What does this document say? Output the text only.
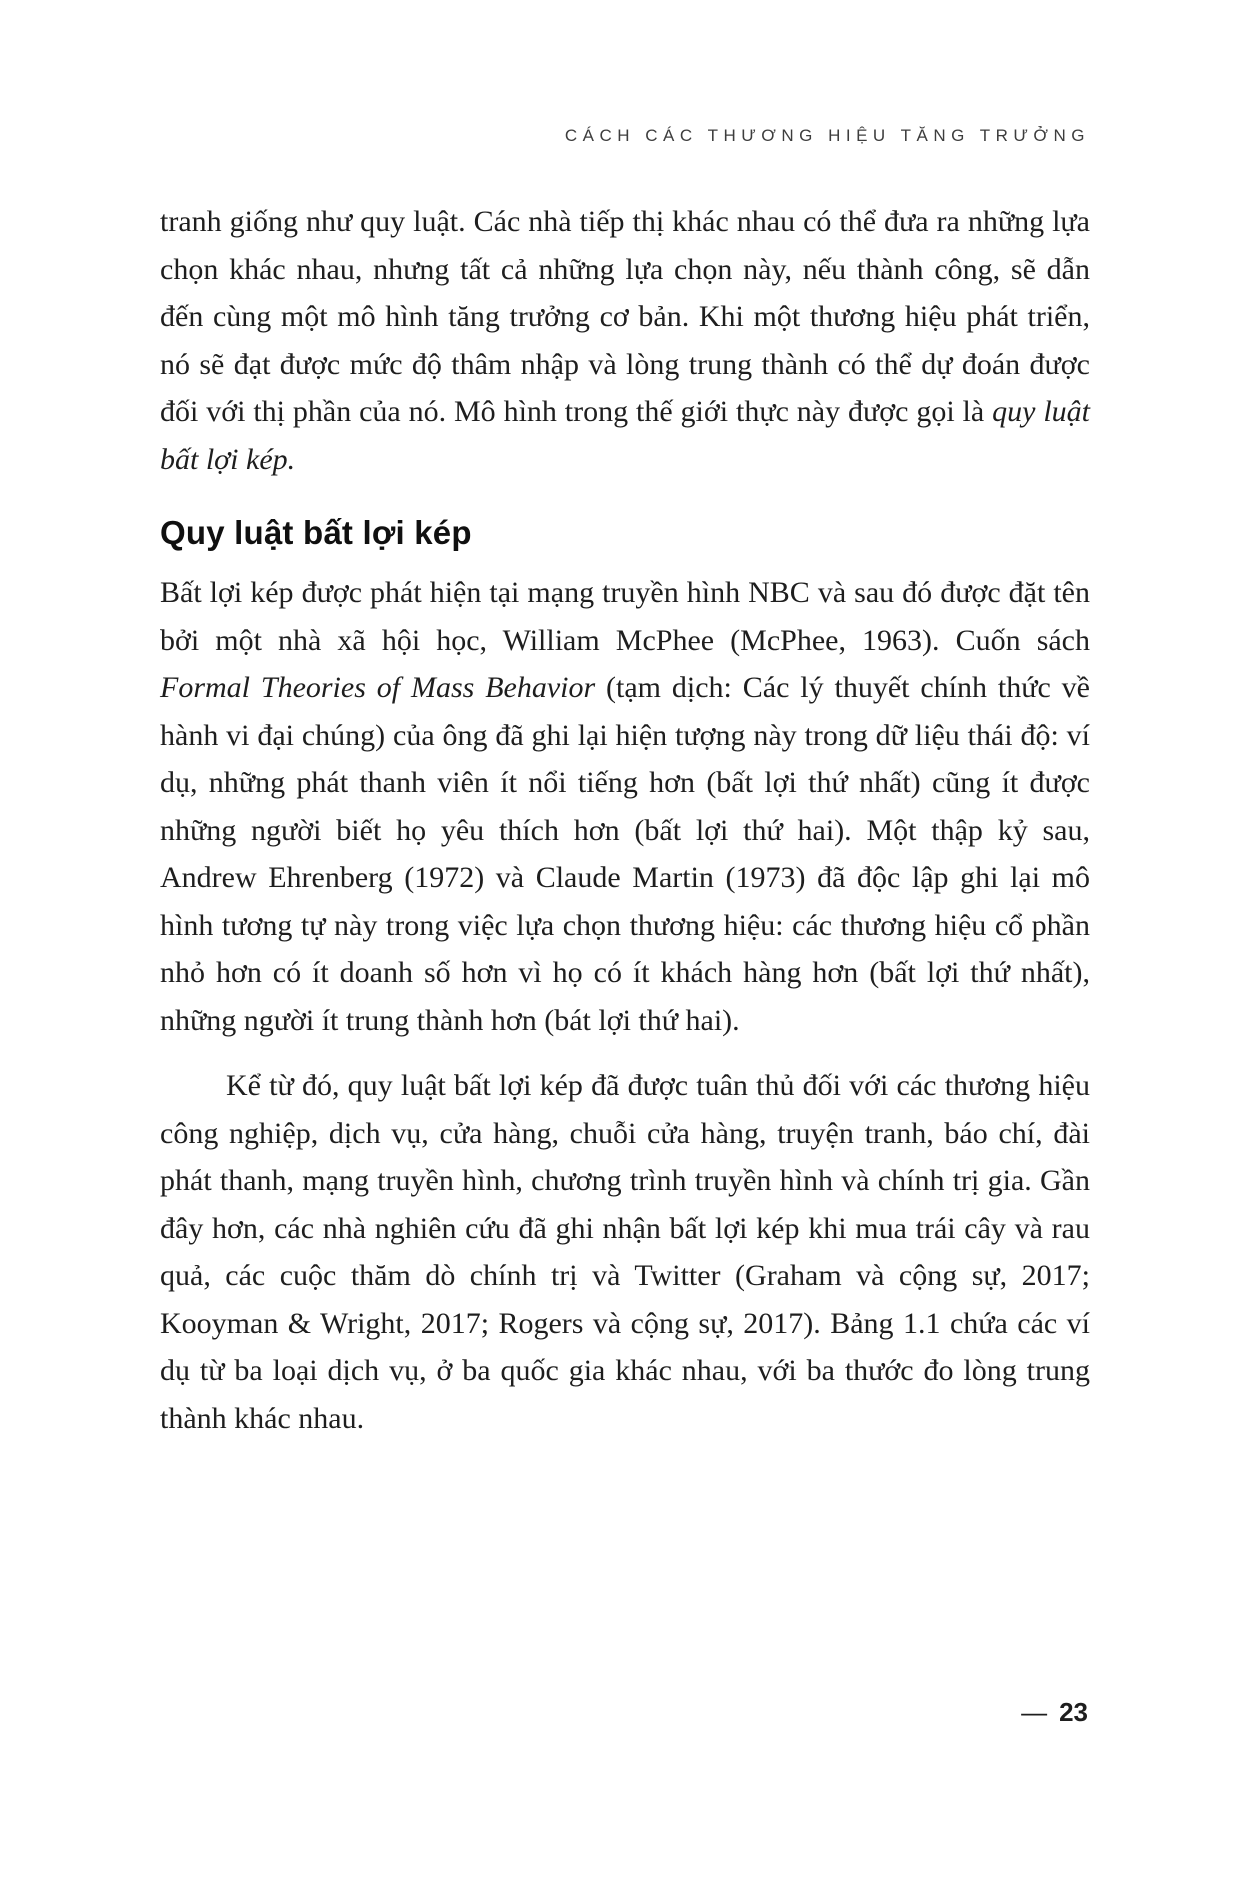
CÁCH CÁC THƯƠNG HIỆU TĂNG TRƯỞNG

tranh giống như quy luật. Các nhà tiếp thị khác nhau có thể đưa ra những lựa chọn khác nhau, nhưng tất cả những lựa chọn này, nếu thành công, sẽ dẫn đến cùng một mô hình tăng trưởng cơ bản. Khi một thương hiệu phát triển, nó sẽ đạt được mức độ thâm nhập và lòng trung thành có thể dự đoán được đối với thị phần của nó. Mô hình trong thế giới thực này được gọi là quy luật bất lợi kép.

Quy luật bất lợi kép

Bất lợi kép được phát hiện tại mạng truyền hình NBC và sau đó được đặt tên bởi một nhà xã hội học, William McPhee (McPhee, 1963). Cuốn sách Formal Theories of Mass Behavior (tạm dịch: Các lý thuyết chính thức về hành vi đại chúng) của ông đã ghi lại hiện tượng này trong dữ liệu thái độ: ví dụ, những phát thanh viên ít nổi tiếng hơn (bất lợi thứ nhất) cũng ít được những người biết họ yêu thích hơn (bất lợi thứ hai). Một thập kỷ sau, Andrew Ehrenberg (1972) và Claude Martin (1973) đã độc lập ghi lại mô hình tương tự này trong việc lựa chọn thương hiệu: các thương hiệu cổ phần nhỏ hơn có ít doanh số hơn vì họ có ít khách hàng hơn (bất lợi thứ nhất), những người ít trung thành hơn (bát lợi thứ hai).

Kể từ đó, quy luật bất lợi kép đã được tuân thủ đối với các thương hiệu công nghiệp, dịch vụ, cửa hàng, chuỗi cửa hàng, truyện tranh, báo chí, đài phát thanh, mạng truyền hình, chương trình truyền hình và chính trị gia. Gần đây hơn, các nhà nghiên cứu đã ghi nhận bất lợi kép khi mua trái cây và rau quả, các cuộc thăm dò chính trị và Twitter (Graham và cộng sự, 2017; Kooyman & Wright, 2017; Rogers và cộng sự, 2017). Bảng 1.1 chứa các ví dụ từ ba loại dịch vụ, ở ba quốc gia khác nhau, với ba thước đo lòng trung thành khác nhau.

— 23
